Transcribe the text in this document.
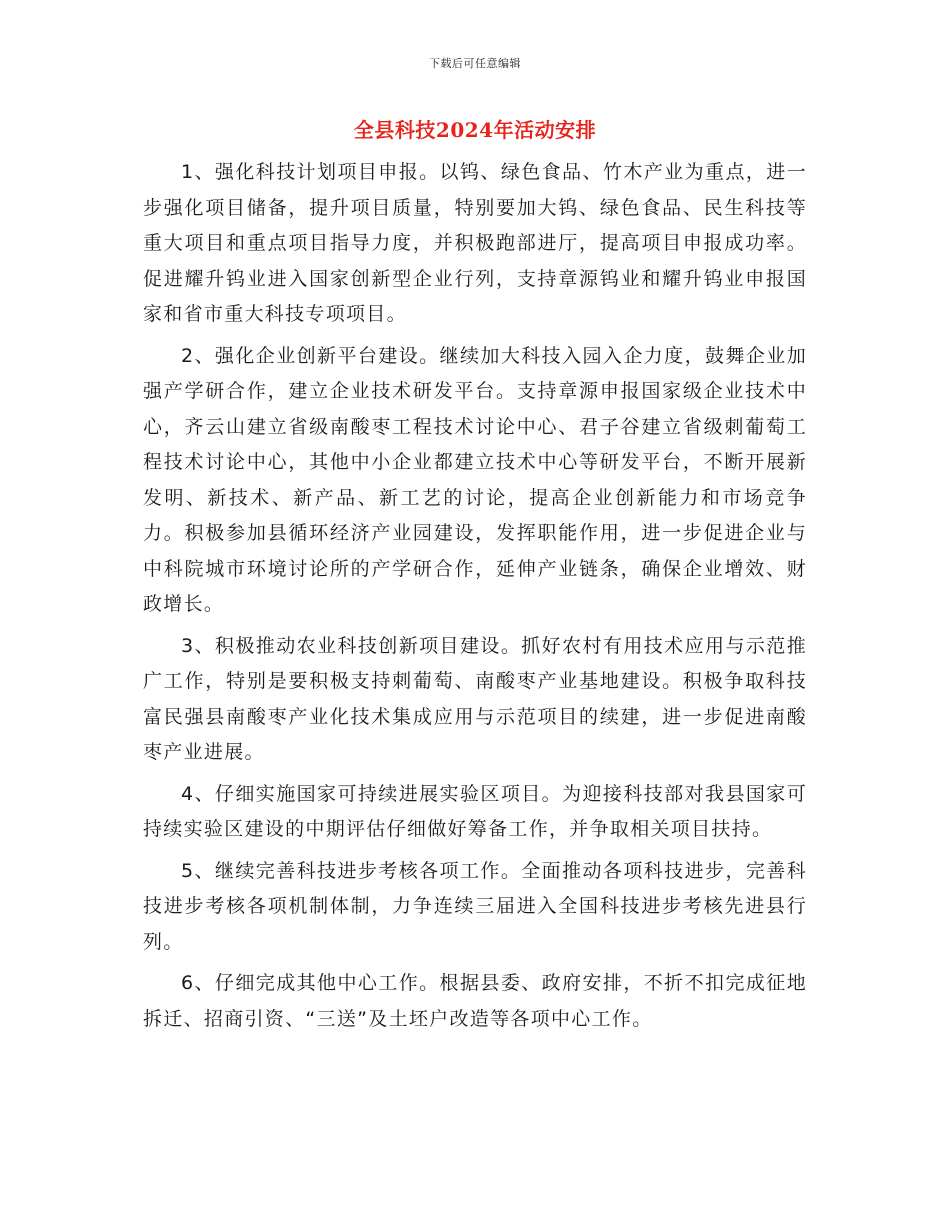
下载后可任意编辑
全县科技2024年活动安排

1、强化科技计划项目申报。以钨、绿色食品、竹木产业为重点，进一步强化项目储备，提升项目质量，特别要加大钨、绿色食品、民生科技等重大项目和重点项目指导力度，并积极跑部进厅，提高项目申报成功率。促进耀升钨业进入国家创新型企业行列，支持章源钨业和耀升钨业申报国家和省市重大科技专项项目。

2、强化企业创新平台建设。继续加大科技入园入企力度，鼓舞企业加强产学研合作，建立企业技术研发平台。支持章源申报国家级企业技术中心，齐云山建立省级南酸枣工程技术讨论中心、君子谷建立省级刺葡萄工程技术讨论中心，其他中小企业都建立技术中心等研发平台，不断开展新发明、新技术、新产品、新工艺的讨论，提高企业创新能力和市场竞争力。积极参加县循环经济产业园建设，发挥职能作用，进一步促进企业与中科院城市环境讨论所的产学研合作，延伸产业链条，确保企业增效、财政增长。

3、积极推动农业科技创新项目建设。抓好农村有用技术应用与示范推广工作，特别是要积极支持刺葡萄、南酸枣产业基地建设。积极争取科技富民强县南酸枣产业化技术集成应用与示范项目的续建，进一步促进南酸枣产业进展。

4、仔细实施国家可持续进展实验区项目。为迎接科技部对我县国家可持续实验区建设的中期评估仔细做好筹备工作，并争取相关项目扶持。

5、继续完善科技进步考核各项工作。全面推动各项科技进步，完善科技进步考核各项机制体制，力争连续三届进入全国科技进步考核先进县行列。

6、仔细完成其他中心工作。根据县委、政府安排，不折不扣完成征地拆迁、招商引资、“三送”及土坯户改造等各项中心工作。
